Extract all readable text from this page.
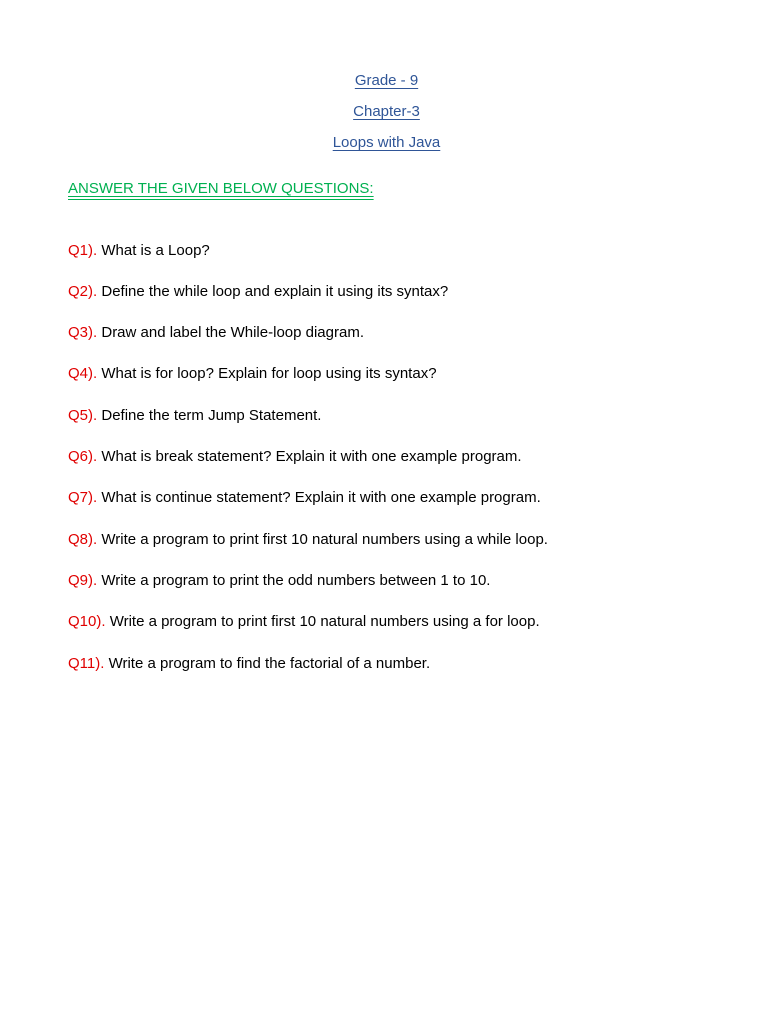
Grade - 9
Chapter-3
Loops with Java
ANSWER THE GIVEN BELOW QUESTIONS:
Q1). What is a Loop?
Q2). Define the while loop and explain it using its syntax?
Q3). Draw and label the While-loop diagram.
Q4). What is for loop? Explain for loop using its syntax?
Q5). Define the term Jump Statement.
Q6). What is break statement? Explain it with one example program.
Q7). What is continue statement? Explain it with one example program.
Q8). Write a program to print first 10 natural numbers using a while loop.
Q9). Write a program to print the odd numbers between 1 to 10.
Q10). Write a program to print first 10 natural numbers using a for loop.
Q11). Write a program to find the factorial of a number.
